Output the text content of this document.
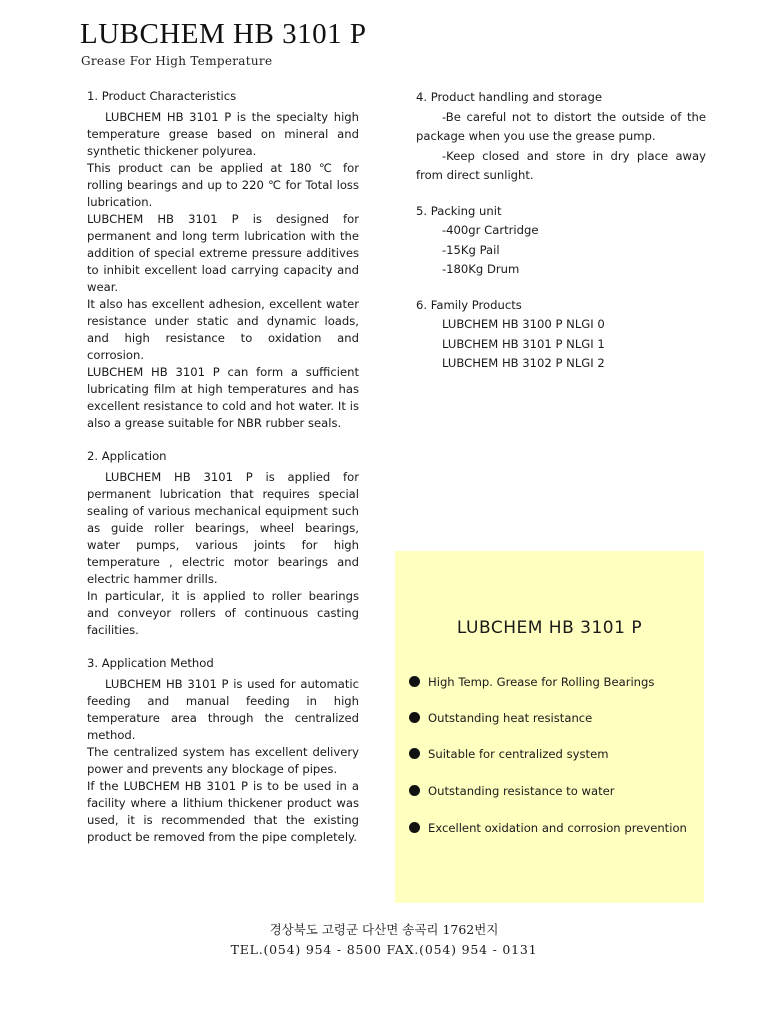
LUBCHEM HB 3101 P
Grease For High Temperature

1. Product Characteristics

LUBCHEM HB 3101 P is the specialty high temperature grease based on mineral and synthetic thickener polyurea.

This product can be applied at 180 ℃ for rolling bearings and up to 220 ℃ for Total loss lubrication.

LUBCHEM HB 3101 P is designed for permanent and long term lubrication with the addition of special extreme pressure additives to inhibit excellent load carrying capacity and wear.

It also has excellent adhesion, excellent water resistance under static and dynamic loads, and high resistance to oxidation and corrosion.

LUBCHEM HB 3101 P can form a sufficient lubricating film at high temperatures and has excellent resistance to cold and hot water. It is also a grease suitable for NBR rubber seals.

2. Application

LUBCHEM HB 3101 P is applied for permanent lubrication that requires special sealing of various mechanical equipment such as guide roller bearings, wheel bearings, water pumps, various joints for high temperature , electric motor bearings and electric hammer drills.

In particular, it is applied to roller bearings and conveyor rollers of continuous casting facilities.

3. Application Method

LUBCHEM HB 3101 P is used for automatic feeding and manual feeding in high temperature area through the centralized method.

The centralized system has excellent delivery power and prevents any blockage of pipes.

If the LUBCHEM HB 3101 P is to be used in a facility where a lithium thickener product was used, it is recommended that the existing product be removed from the pipe completely.

4. Product handling and storage

-Be careful not to distort the outside of the package when you use the grease pump.

-Keep closed and store in dry place away from direct sunlight.

5. Packing unit

-400gr Cartridge

-15Kg Pail

-180Kg Drum

6. Family Products

LUBCHEM HB 3100 P NLGI 0

LUBCHEM HB 3101 P NLGI 1

LUBCHEM HB 3102 P NLGI 2

LUBCHEM HB 3101 P
High Temp. Grease for Rolling Bearings
Outstanding heat resistance
Suitable for centralized system
Outstanding resistance to water
Excellent oxidation and corrosion prevention
경상북도 고령군 다산면 송곡리 1762번지
TEL.(054) 954 - 8500 FAX.(054) 954 - 0131
